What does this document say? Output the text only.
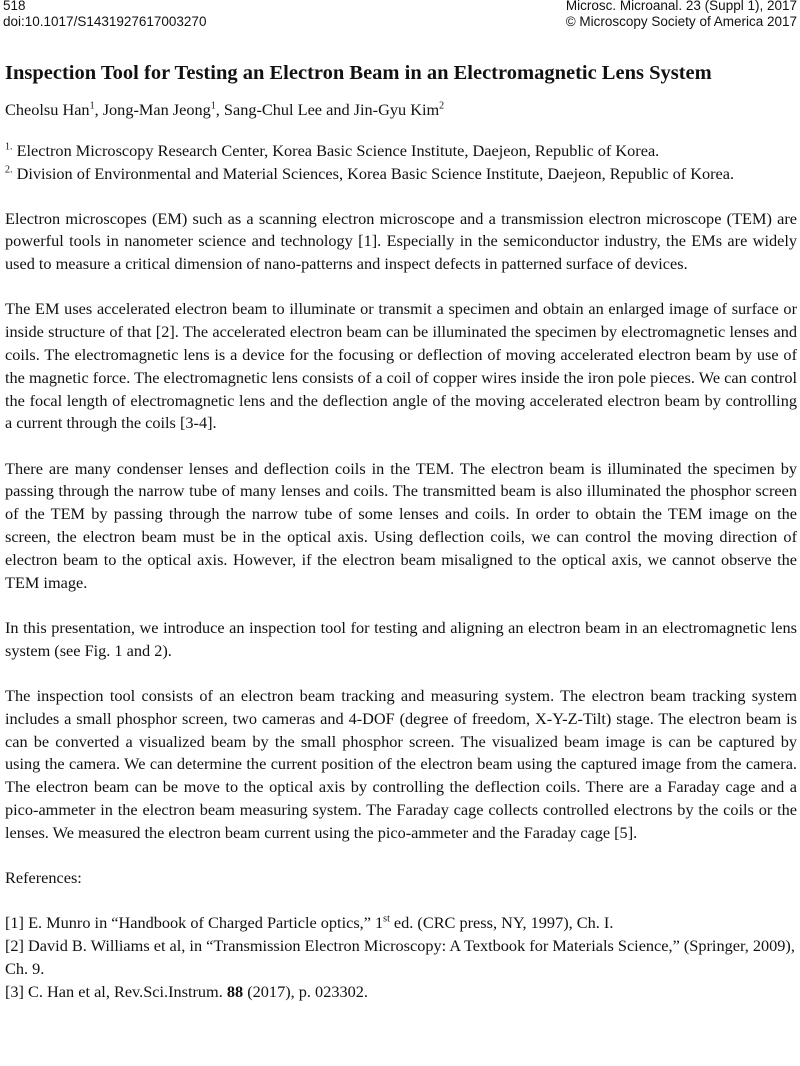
518
doi:10.1017/S1431927617003270
Microsc. Microanal. 23 (Suppl 1), 2017
© Microscopy Society of America 2017
Inspection Tool for Testing an Electron Beam in an Electromagnetic Lens System
Cheolsu Han$^1$, Jong-Man Jeong$^1$, Sang-Chul Lee and Jin-Gyu Kim$^2$

$^{1.}$ Electron Microscopy Research Center, Korea Basic Science Institute, Daejeon, Republic of Korea.

$^{2.}$ Division of Environmental and Material Sciences, Korea Basic Science Institute, Daejeon, Republic of Korea.

Electron microscopes (EM) such as a scanning electron microscope and a transmission electron microscope (TEM) are powerful tools in nanometer science and technology [1]. Especially in the semiconductor industry, the EMs are widely used to measure a critical dimension of nano-patterns and inspect defects in patterned surface of devices.

The EM uses accelerated electron beam to illuminate or transmit a specimen and obtain an enlarged image of surface or inside structure of that [2]. The accelerated electron beam can be illuminated the specimen by electromagnetic lenses and coils. The electromagnetic lens is a device for the focusing or deflection of moving accelerated electron beam by use of the magnetic force. The electromagnetic lens consists of a coil of copper wires inside the iron pole pieces. We can control the focal length of electromagnetic lens and the deflection angle of the moving accelerated electron beam by controlling a current through the coils [3-4].

There are many condenser lenses and deflection coils in the TEM. The electron beam is illuminated the specimen by passing through the narrow tube of many lenses and coils. The transmitted beam is also illuminated the phosphor screen of the TEM by passing through the narrow tube of some lenses and coils. In order to obtain the TEM image on the screen, the electron beam must be in the optical axis. Using deflection coils, we can control the moving direction of electron beam to the optical axis. However, if the electron beam misaligned to the optical axis, we cannot observe the TEM image.

In this presentation, we introduce an inspection tool for testing and aligning an electron beam in an electromagnetic lens system (see Fig. 1 and 2).

The inspection tool consists of an electron beam tracking and measuring system. The electron beam tracking system includes a small phosphor screen, two cameras and 4-DOF (degree of freedom, X-Y-Z-Tilt) stage. The electron beam is can be converted a visualized beam by the small phosphor screen. The visualized beam image is can be captured by using the camera. We can determine the current position of the electron beam using the captured image from the camera. The electron beam can be move to the optical axis by controlling the deflection coils. There are a Faraday cage and a pico-ammeter in the electron beam measuring system. The Faraday cage collects controlled electrons by the coils or the lenses. We measured the electron beam current using the pico-ammeter and the Faraday cage [5].

References:

[1] E. Munro in “Handbook of Charged Particle optics,” 1st ed. (CRC press, NY, 1997), Ch. I.

[2] David B. Williams et al, in “Transmission Electron Microscopy: A Textbook for Materials Science,” (Springer, 2009), Ch. 9.

[3] C. Han et al, Rev.Sci.Instrum. 88 (2017), p. 023302.
